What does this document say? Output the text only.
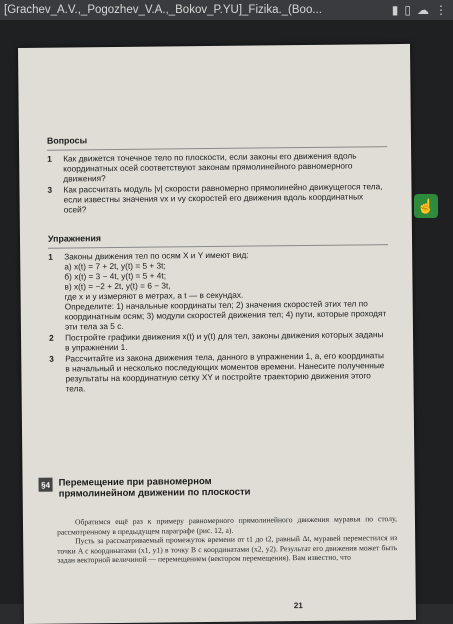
[Grachev_A.V.,_Pogozhev_V.A.,_Bokov_P.YU]_Fizika._(Boo...	▮ ▯ ☁ ⋮
Вопросы
1	Как движется точечное тело по плоскости, если законы его движения вдоль координатных осей соответствуют законам прямолинейного равномерного движения?
3	Как рассчитать модуль |v| скорости равномерно прямолинейно движущегося тела, если известны значения vx и vy скоростей его движения вдоль координатных осей?
Упражнения
1	Законы движения тел по осям X и Y имеют вид:
а) x(t) = 7 + 2t, y(t) = 5 + 3t;
б) x(t) = 3 − 4t, y(t) = 5 + 4t;
в) x(t) = −2 + 2t, y(t) = 6 − 3t,
где x и y измеряют в метрах, a t — в секундах.
Определите: 1) начальные координаты тел; 2) значения скоростей этих тел по координатным осям; 3) модули скоростей движения тел; 4) пути, которые проходят эти тела за 5 с.
2	Постройте графики движения x(t) и y(t) для тел, законы движения которых заданы в упражнении 1.
3	Рассчитайте из закона движения тела, данного в упражнении 1, a, его координаты в начальный и несколько последующих моментов времени. Нанесите полученные результаты на координатную сетку XY и постройте траекторию движения этого тела.
§4 Перемещение при равномерном прямолинейном движении по плоскости

Обратимся ещё раз к примеру равномерного прямолинейного движения муравья по столу, рассмотренному в предыдущем параграфе (рис. 12, а).

Пусть за рассматриваемый промежуток времени от t1 до t2, равный Δt, муравей переместился из точки A с координатами (x1, y1) в точку B с координатами (x2, y2). Результат его движения может быть задан векторной величиной — перемещением (вектором перемещения). Вам известно, что

21
☝
